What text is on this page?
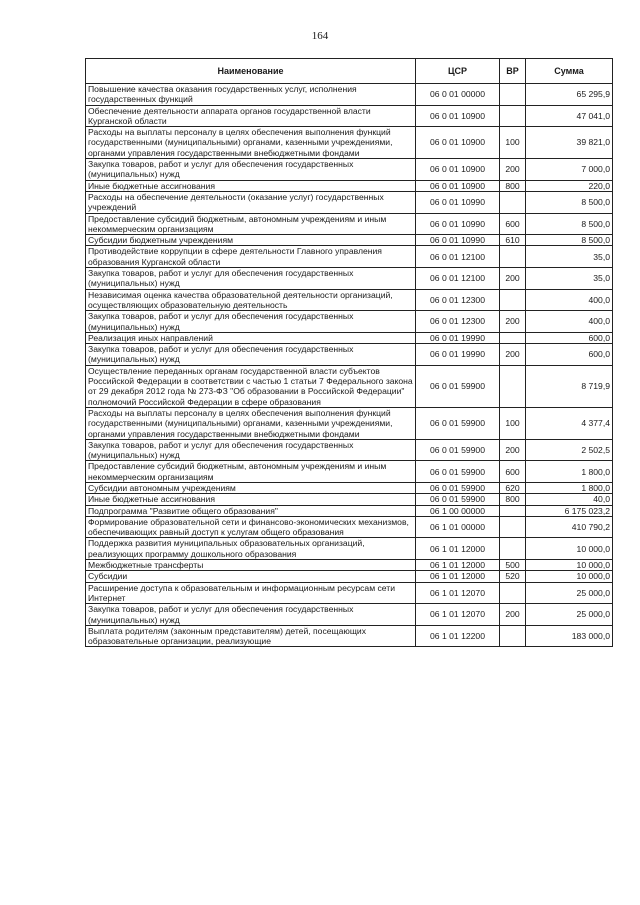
164
Наименование	ЦСР	ВР	Сумма
Повышение качества оказания государственных услуг, исполнения государственных функций	06 0 01 00000		65 295,9
Обеспечение деятельности аппарата органов государственной власти Курганской области	06 0 01 10900		47 041,0
Расходы на выплаты персоналу в целях обеспечения выполнения функций государственными (муниципальными) органами, казенными учреждениями, органами управления государственными внебюджетными фондами	06 0 01 10900	100	39 821,0
Закупка товаров, работ и услуг для обеспечения государственных (муниципальных) нужд	06 0 01 10900	200	7 000,0
Иные бюджетные ассигнования	06 0 01 10900	800	220,0
Расходы на обеспечение деятельности (оказание услуг) государственных учреждений	06 0 01 10990		8 500,0
Предоставление субсидий бюджетным, автономным учреждениям и иным некоммерческим организациям	06 0 01 10990	600	8 500,0
Субсидии бюджетным учреждениям	06 0 01 10990	610	8 500,0
Противодействие коррупции в сфере деятельности Главного управления образования Курганской области	06 0 01 12100		35,0
Закупка товаров, работ и услуг для обеспечения государственных (муниципальных) нужд	06 0 01 12100	200	35,0
Независимая оценка качества образовательной деятельности организаций, осуществляющих образовательную деятельность	06 0 01 12300		400,0
Закупка товаров, работ и услуг для обеспечения государственных (муниципальных) нужд	06 0 01 12300	200	400,0
Реализация иных направлений	06 0 01 19990		600,0
Закупка товаров, работ и услуг для обеспечения государственных (муниципальных) нужд	06 0 01 19990	200	600,0
Осуществление переданных органам государственной власти субъектов Российской Федерации в соответствии с частью 1 статьи 7 Федерального закона от 29 декабря 2012 года № 273-ФЗ "Об образовании в Российской Федерации" полномочий Российской Федерации в сфере образования	06 0 01 59900		8 719,9
Расходы на выплаты персоналу в целях обеспечения выполнения функций государственными (муниципальными) органами, казенными учреждениями, органами управления государственными внебюджетными фондами	06 0 01 59900	100	4 377,4
Закупка товаров, работ и услуг для обеспечения государственных (муниципальных) нужд	06 0 01 59900	200	2 502,5
Предоставление субсидий бюджетным, автономным учреждениям и иным некоммерческим организациям	06 0 01 59900	600	1 800,0
Субсидии автономным учреждениям	06 0 01 59900	620	1 800,0
Иные бюджетные ассигнования	06 0 01 59900	800	40,0
Подпрограмма "Развитие общего образования"	06 1 00 00000		6 175 023,2
Формирование образовательной сети и финансово-экономических механизмов, обеспечивающих равный доступ к услугам общего образования	06 1 01 00000		410 790,2
Поддержка развития муниципальных образовательных организаций, реализующих программу дошкольного образования	06 1 01 12000		10 000,0
Межбюджетные трансферты	06 1 01 12000	500	10 000,0
Субсидии	06 1 01 12000	520	10 000,0
Расширение доступа к образовательным и информационным ресурсам сети Интернет	06 1 01 12070		25 000,0
Закупка товаров, работ и услуг для обеспечения государственных (муниципальных) нужд	06 1 01 12070	200	25 000,0
Выплата родителям (законным представителям) детей, посещающих образовательные организации, реализующие	06 1 01 12200		183 000,0
